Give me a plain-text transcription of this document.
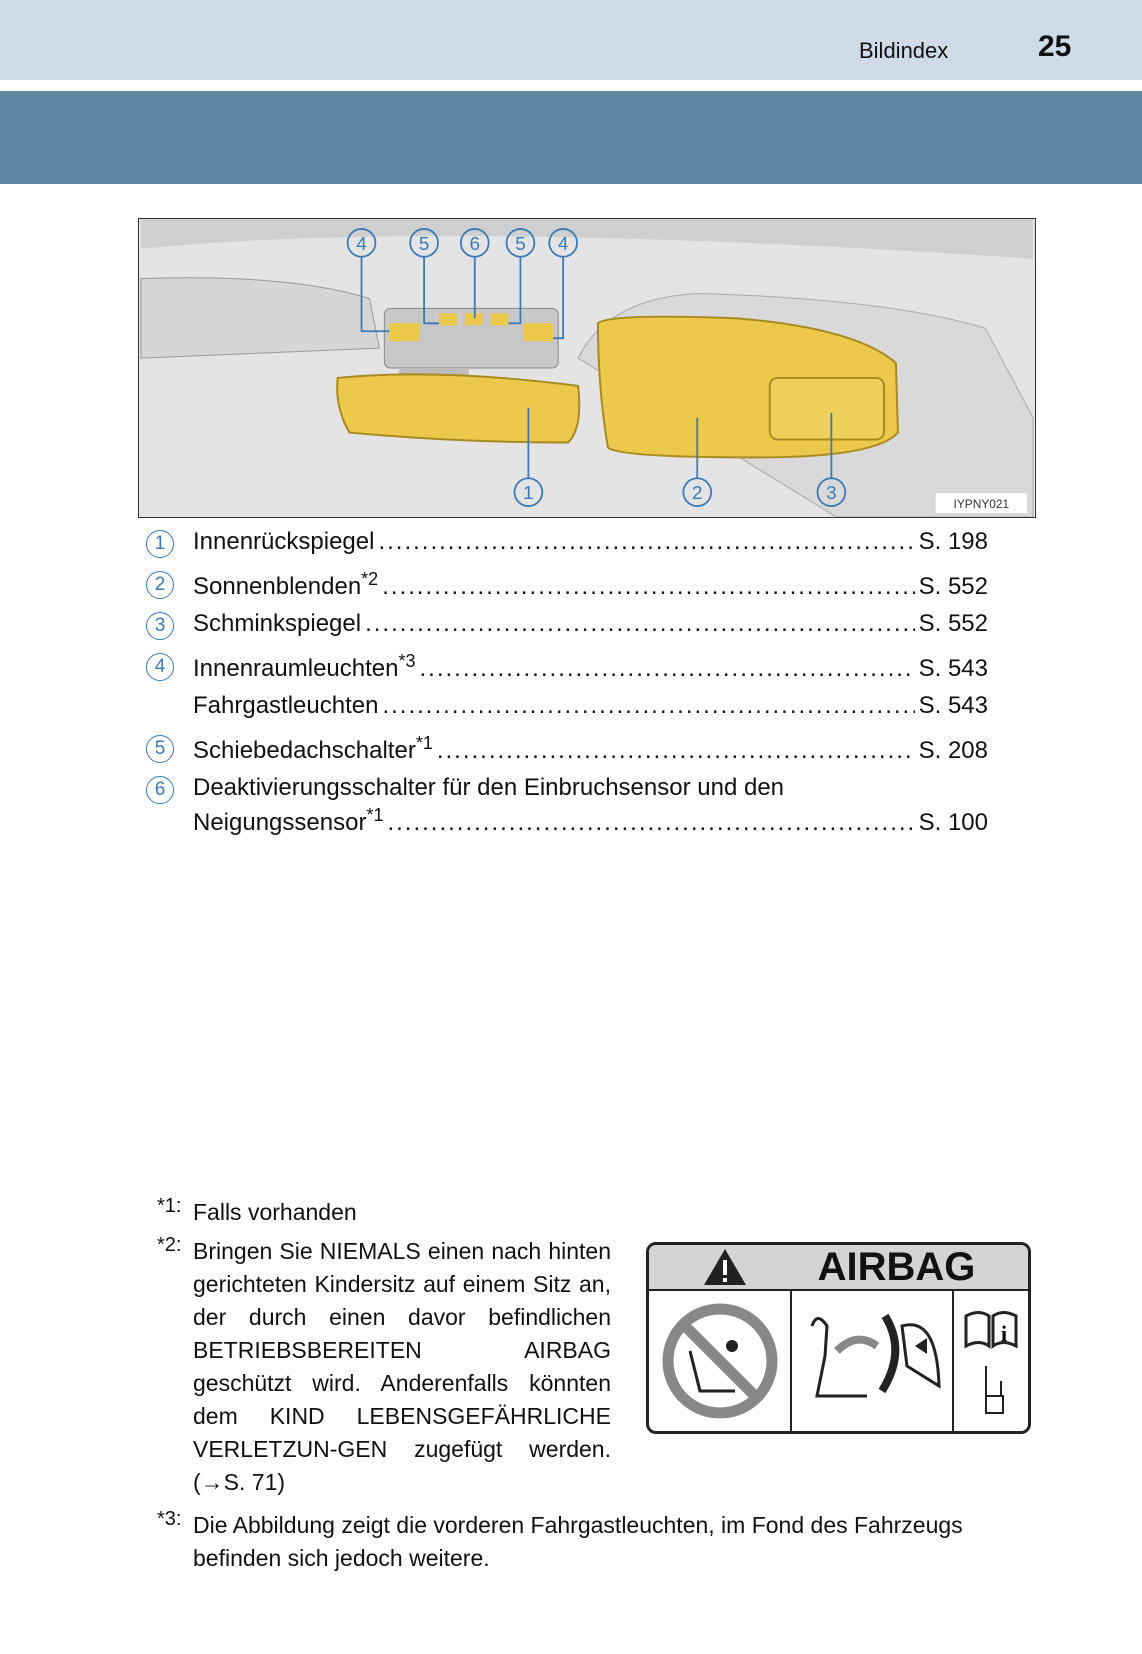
Bildindex	25
4	5 6 5 4
1	2	3
IYPNY021
1	Innenrückspiegel .....	S. 198
2	Sonnenblenden$^{*2}$ .....	S. 552
3	Schminkspiegel .....	S. 552
4	Innenraumleuchten$^{*3}$ .....	S. 543
Fahrgastleuchten .....	S. 543
5	Schiebedachschalter$^{*1}$ .....	S. 208
6	Deaktivierungsschalter für den Einbruchsensor und den
Neigungssensor$^{*1}$ .....	S. 100
*1: Falls vorhanden
*2: Bringen Sie NIEMALS einen nach hinten gerichteten Kindersitz auf einem Sitz an, der durch einen davor befindlichen BETRIEBSBEREITEN AIRBAG geschützt wird. Anderenfalls könnten dem KIND LEBENSGEFÄHRLICHE VERLETZUN-GEN zugefügt werden. (→S. 71)
*3: Die Abbildung zeigt die vorderen Fahrgastleuchten, im Fond des Fahrzeugs befinden sich jedoch weitere.
AIRBAG
i
